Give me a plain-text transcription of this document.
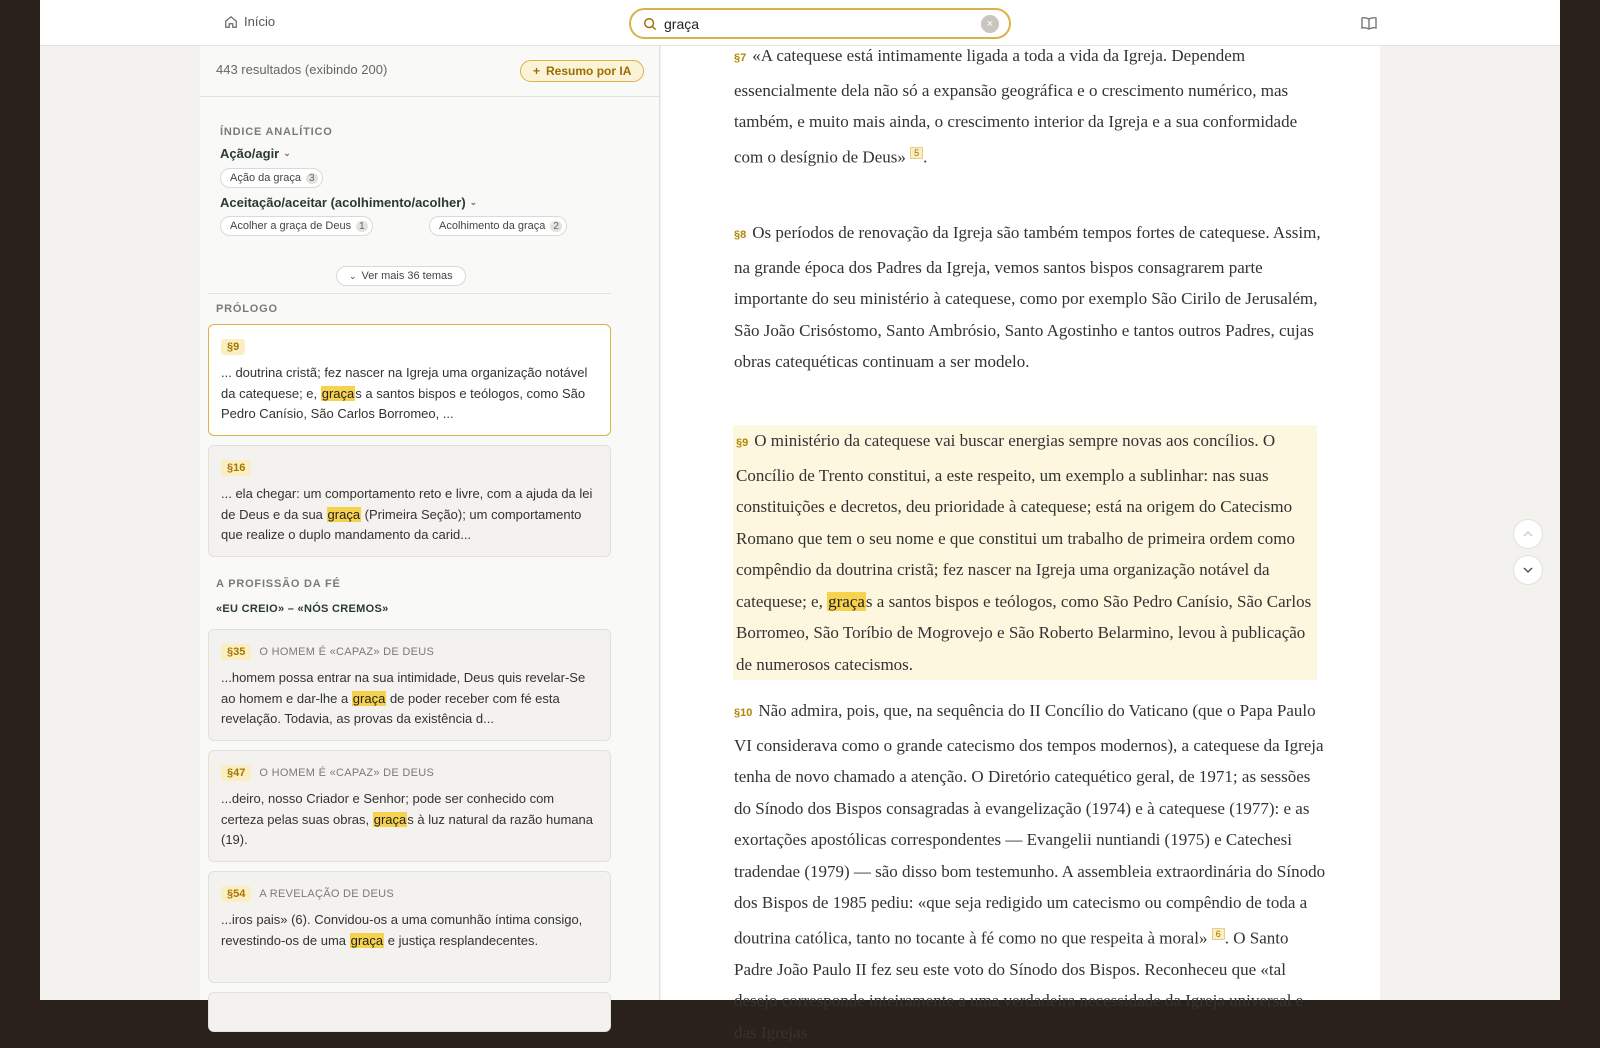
Início
graça	×
443 resultados (exibindo 200)	+ Resumo por IA
ÍNDICE ANALÍTICO
Ação/agir ⌄
Ação da graça 3
Aceitação/aceitar (acolhimento/acolher) ⌄
Acolher a graça de Deus 1	Acolhimento da graça 2
⌄ Ver mais 36 temas
PRÓLOGO
§9
... doutrina cristã; fez nascer na Igreja uma organização notável da catequese; e, graças a santos bispos e teólogos, como São Pedro Canísio, São Carlos Borromeo, ...
§16
... ela chegar: um comportamento reto e livre, com a ajuda da lei de Deus e da sua graça (Primeira Seção); um comportamento que realize o duplo mandamento da carid...
A PROFISSÃO DA FÉ
«EU CREIO» – «NÓS CREMOS»
§35	O HOMEM É «CAPAZ» DE DEUS
...homem possa entrar na sua intimidade, Deus quis revelar-Se ao homem e dar-lhe a graça de poder receber com fé esta revelação. Todavia, as provas da existência d...
§47	O HOMEM É «CAPAZ» DE DEUS
...deiro, nosso Criador e Senhor; pode ser conhecido com certeza pelas suas obras, graças à luz natural da razão humana (19).
§54	A REVELAÇÃO DE DEUS
...iros pais» (6). Convidou-os a uma comunhão íntima consigo, revestindo-os de uma graça e justiça resplandecentes.
§7 «A catequese está intimamente ligada a toda a vida da Igreja. Dependem essencialmente dela não só a expansão geográfica e o crescimento numérico, mas também, e muito mais ainda, o crescimento interior da Igreja e a sua conformidade com o desígnio de Deus» $^5$ .
§8 Os períodos de renovação da Igreja são também tempos fortes de catequese. Assim, na grande época dos Padres da Igreja, vemos santos bispos consagrarem parte importante do seu ministério à catequese, como por exemplo São Cirilo de Jerusalém, São João Crisóstomo, Santo Ambrósio, Santo Agostinho e tantos outros Padres, cujas obras catequéticas continuam a ser modelo.
§9 O ministério da catequese vai buscar energias sempre novas aos concílios. O Concílio de Trento constitui, a este respeito, um exemplo a sublinhar: nas suas constituições e decretos, deu prioridade à catequese; está na origem do Catecismo Romano que tem o seu nome e que constitui um trabalho de primeira ordem como compêndio da doutrina cristã; fez nascer na Igreja uma organização notável da catequese; e, graças a santos bispos e teólogos, como São Pedro Canísio, São Carlos Borromeo, São Toríbio de Mogrovejo e São Roberto Belarmino, levou à publicação de numerosos catecismos.
§10 Não admira, pois, que, na sequência do II Concílio do Vaticano (que o Papa Paulo VI considerava como o grande catecismo dos tempos modernos), a catequese da Igreja tenha de novo chamado a atenção. O Diretório catequético geral, de 1971; as sessões do Sínodo dos Bispos consagradas à evangelização (1974) e à catequese (1977): e as exortações apostólicas correspondentes — Evangelii nuntiandi (1975) e Catechesi tradendae (1979) — são disso bom testemunho. A assembleia extraordinária do Sínodo dos Bispos de 1985 pediu: «que seja redigido um catecismo ou compêndio de toda a doutrina católica, tanto no tocante à fé como no que respeita à moral» $^6$ . O Santo Padre João Paulo II fez seu este voto do Sínodo dos Bispos. Reconheceu que «tal desejo corresponde inteiramente a uma verdadeira necessidade da Igreja universal e das Igrejas
